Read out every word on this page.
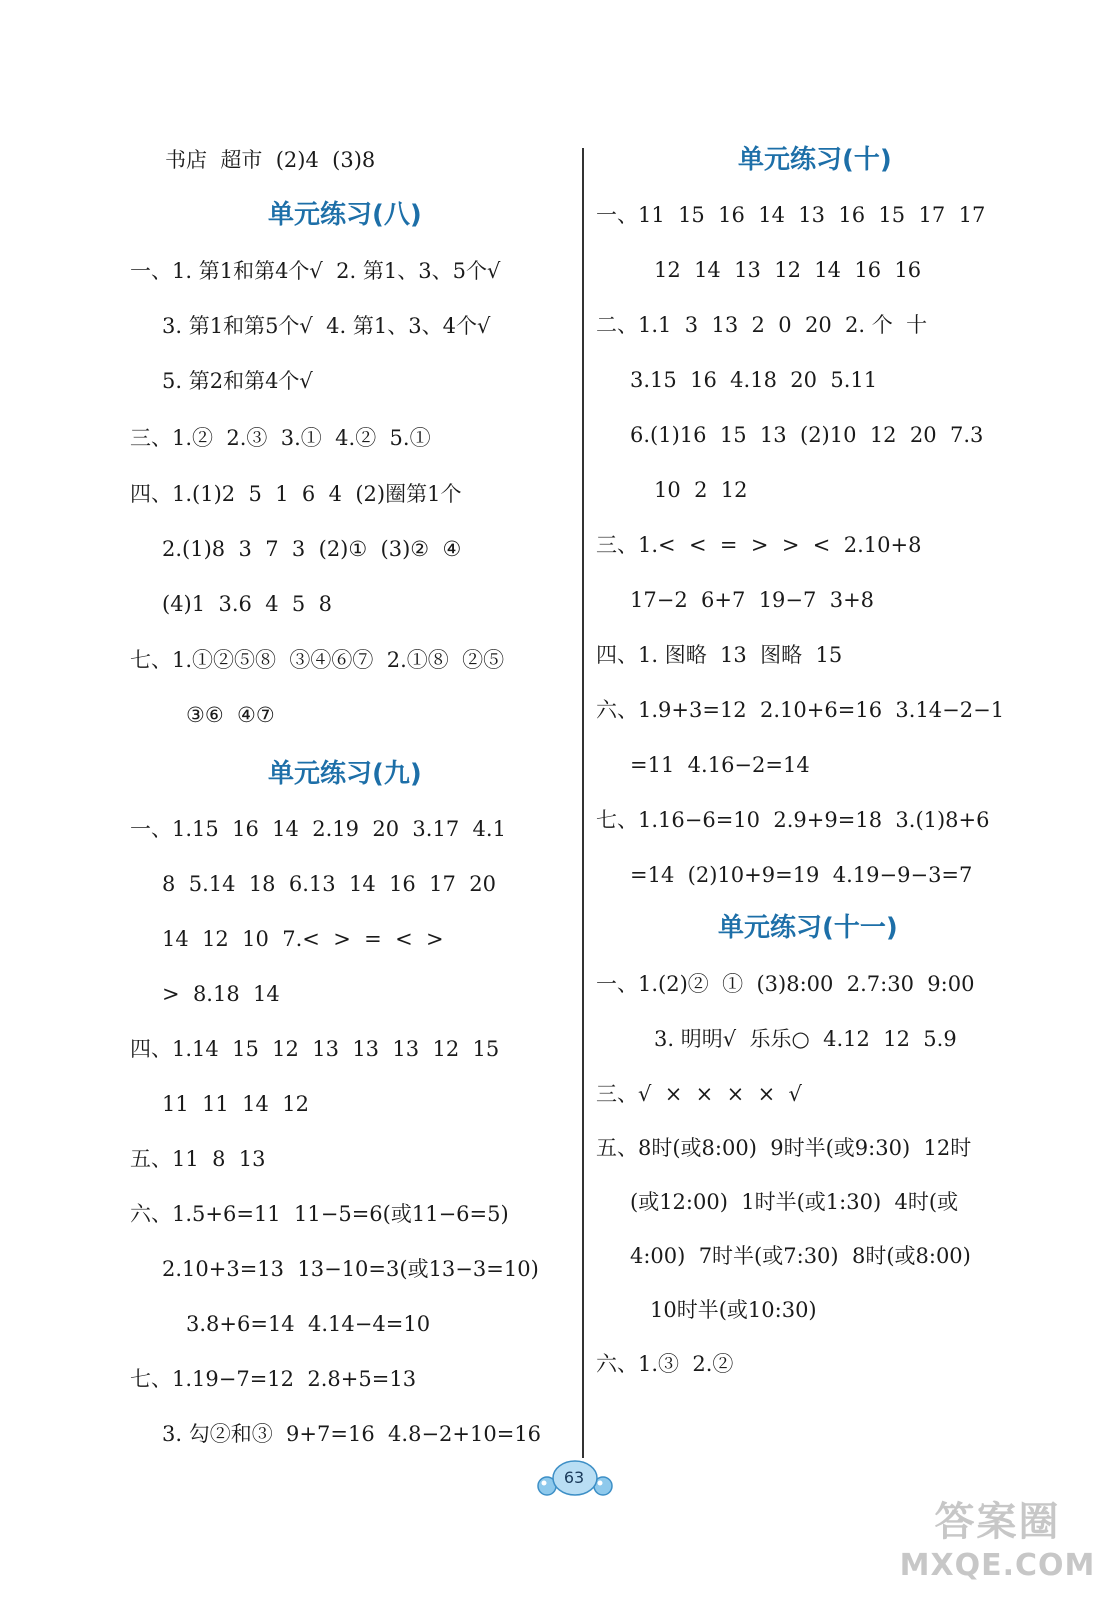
书店  超市  (2)4  (3)8
单元练习(八)
一、1. 第1和第4个√  2. 第1、3、5个√
3. 第1和第5个√  4. 第1、3、4个√
5. 第2和第4个√
三、1.②  2.③  3.①  4.②  5.①
四、1.(1)2  5  1  6  4  (2)圈第1个
2.(1)8  3  7  3  (2)①  (3)②  ④
(4)1  3.6  4  5  8
七、1.①②⑤⑧  ③④⑥⑦  2.①⑧  ②⑤
③⑥  ④⑦
单元练习(九)
一、1.15  16  14  2.19  20  3.17  4.1
8  5.14  18  6.13  14  16  17  20
14  12  10  7.<  >  =  <  >
>  8.18  14
四、1.14  15  12  13  13  13  12  15
11  11  14  12
五、11  8  13
六、1.5+6=11  11−5=6(或11−6=5)
2.10+3=13  13−10=3(或13−3=10)
3.8+6=14  4.14−4=10
七、1.19−7=12  2.8+5=13
3. 勾②和③  9+7=16  4.8−2+10=16
单元练习(十)
一、11  15  16  14  13  16  15  17  17
12  14  13  12  14  16  16
二、1.1  3  13  2  0  20  2. 个  十
3.15  16  4.18  20  5.11
6.(1)16  15  13  (2)10  12  20  7.3
10  2  12
三、1.<  <  =  >  >  <  2.10+8
17−2  6+7  19−7  3+8
四、1. 图略  13  图略  15
六、1.9+3=12  2.10+6=16  3.14−2−1
=11  4.16−2=14
七、1.16−6=10  2.9+9=18  3.(1)8+6
=14  (2)10+9=19  4.19−9−3=7
单元练习(十一)
一、1.(2)②  ①  (3)8:00  2.7:30  9:00
3. 明明√  乐乐○  4.12  12  5.9
三、√  ×  ×  ×  ×  √
五、8时(或8:00)  9时半(或9:30)  12时
(或12:00)  1时半(或1:30)  4时(或
4:00)  7时半(或7:30)  8时(或8:00)
10时半(或10:30)
六、1.③  2.②
63
答案圈
MXQE.COM
